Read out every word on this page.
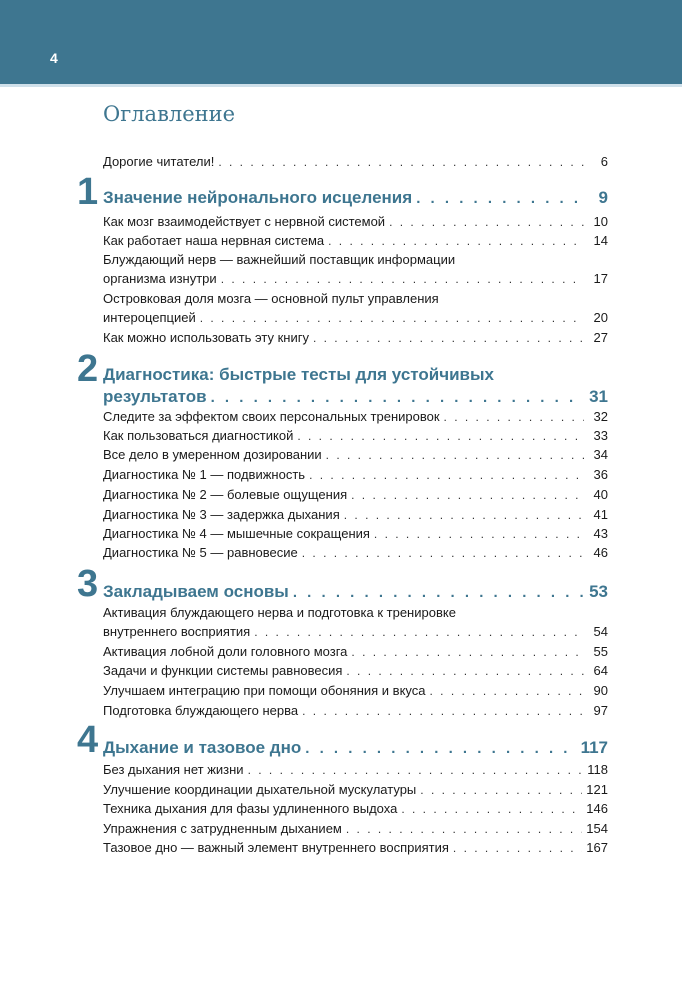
4
Оглавление
Дорогие читатели! . . .	6
1 Значение нейронального исцеления . . .	9
Как мозг взаимодействует с нервной системой . . .	10
Как работает наша нервная система . . .	14
Блуждающий нерв — важнейший поставщик информации
организма изнутри . . .	17
Островковая доля мозга — основной пульт управления
интероцепцией . . .	20
Как можно использовать эту книгу . . .	27
2 Диагностика: быстрые тесты для устойчивых
результатов . . .	31
Следите за эффектом своих персональных тренировок . . .	32
Как пользоваться диагностикой . . .	33
Все дело в умеренном дозировании . . .	34
Диагностика № 1 — подвижность . . .	36
Диагностика № 2 — болевые ощущения . . .	40
Диагностика № 3 — задержка дыхания . . .	41
Диагностика № 4 — мышечные сокращения . . .	43
Диагностика № 5 — равновесие . . .	46
3 Закладываем основы . . .	53
Активация блуждающего нерва и подготовка к тренировке
внутреннего восприятия . . .	54
Активация лобной доли головного мозга . . .	55
Задачи и функции системы равновесия . . .	64
Улучшаем интеграцию при помощи обоняния и вкуса . . .	90
Подготовка блуждающего нерва . . .	97
4 Дыхание и тазовое дно . . .	117
Без дыхания нет жизни . . .	118
Улучшение координации дыхательной мускулатуры . . .	121
Техника дыхания для фазы удлиненного выдоха . . .	146
Упражнения с затрудненным дыханием . . .	154
Тазовое дно — важный элемент внутреннего восприятия . . .	167
